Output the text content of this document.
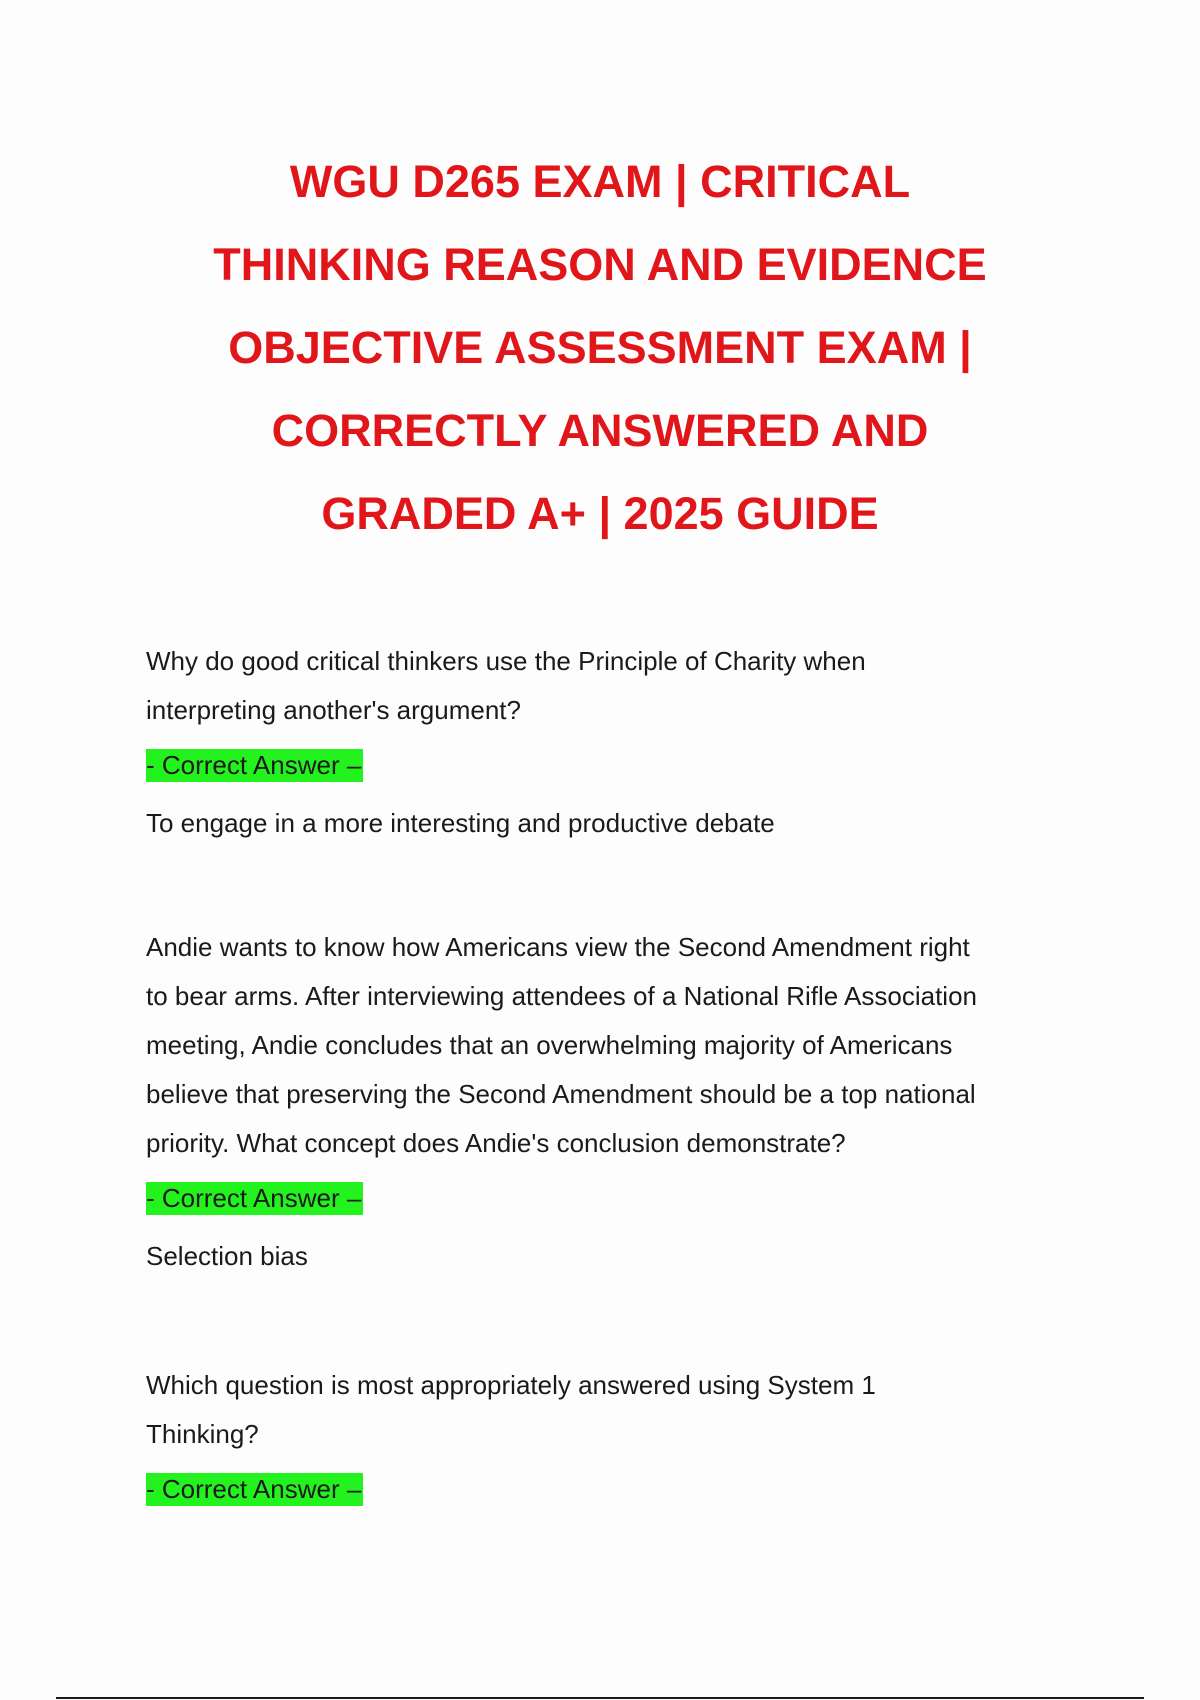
WGU D265 EXAM | CRITICAL
THINKING REASON AND EVIDENCE
OBJECTIVE ASSESSMENT EXAM |
CORRECTLY ANSWERED AND
GRADED A+ | 2025 GUIDE

Why do good critical thinkers use the Principle of Charity when
interpreting another's argument?

- Correct Answer –

To engage in a more interesting and productive debate

Andie wants to know how Americans view the Second Amendment right
to bear arms. After interviewing attendees of a National Rifle Association
meeting, Andie concludes that an overwhelming majority of Americans
believe that preserving the Second Amendment should be a top national
priority. What concept does Andie's conclusion demonstrate?

- Correct Answer –

Selection bias

Which question is most appropriately answered using System 1
Thinking?

- Correct Answer –
